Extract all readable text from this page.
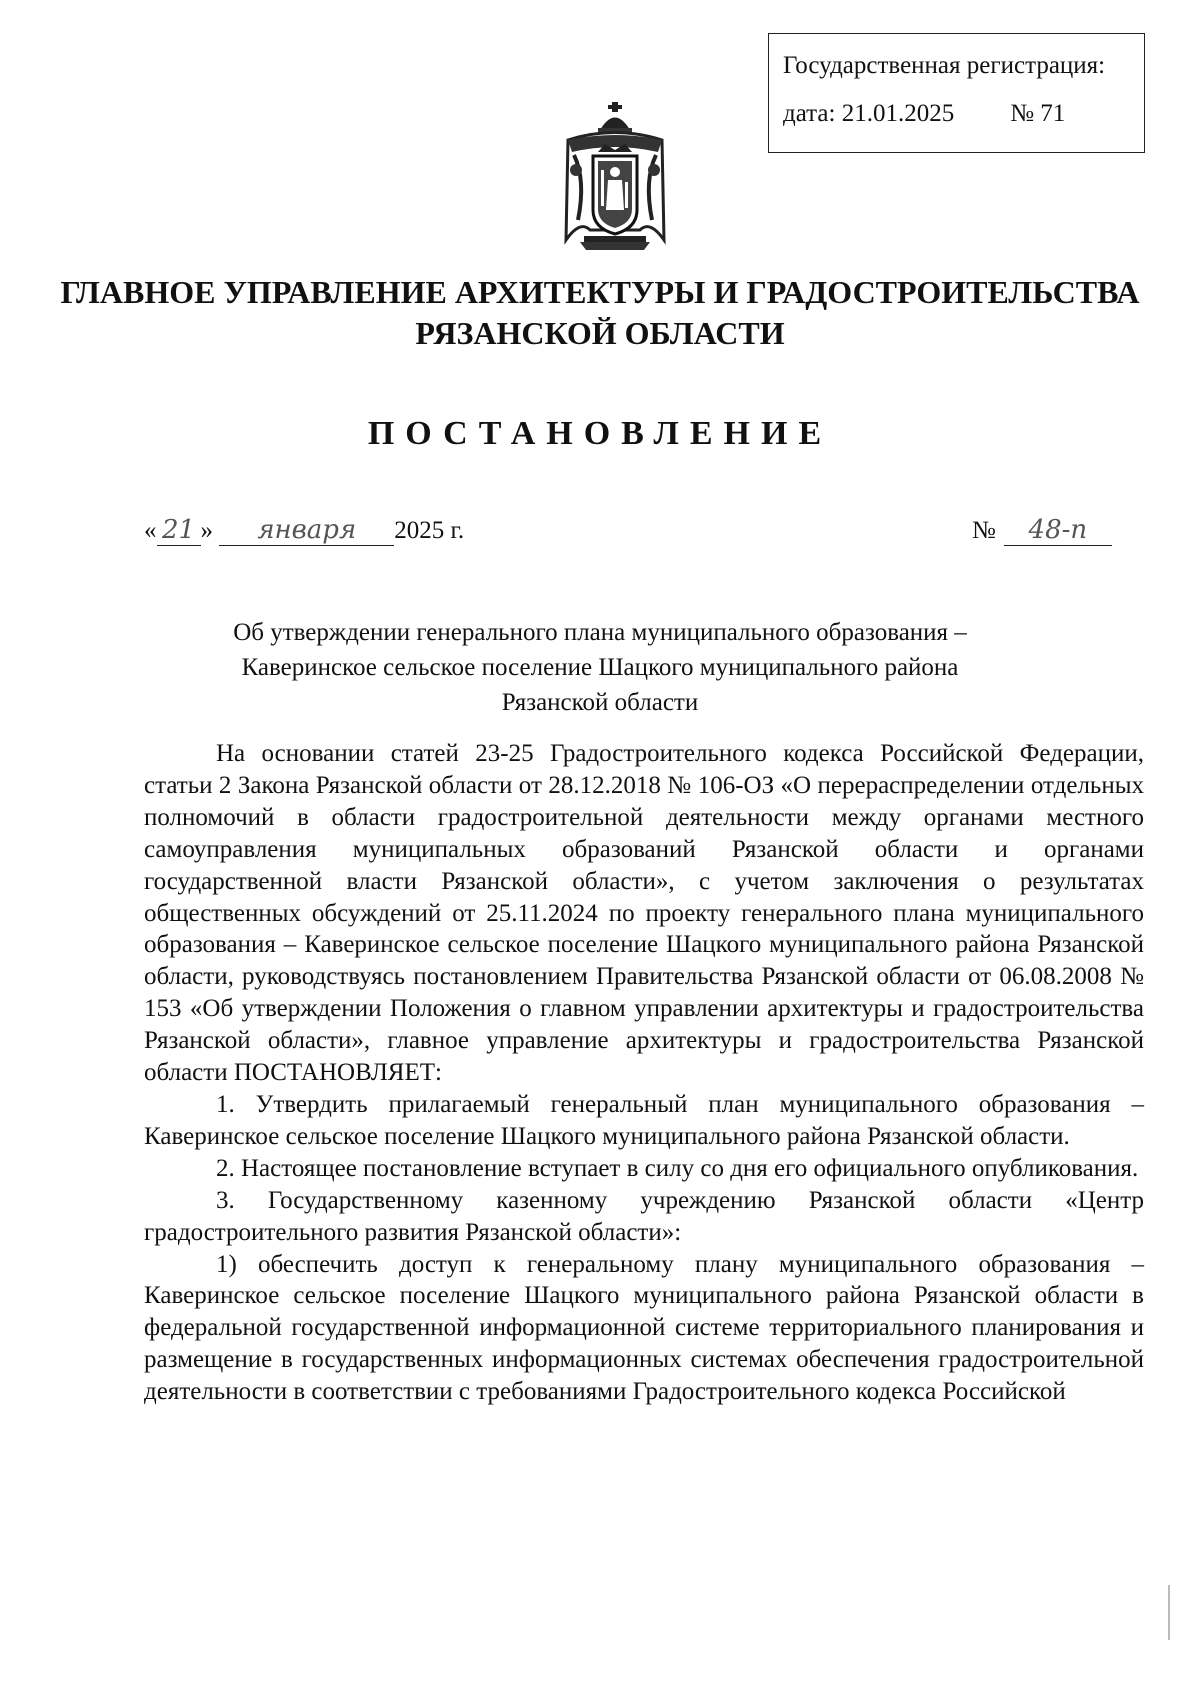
Государственная регистрация:
дата: 21.01.2025 № 71
ГЛАВНОЕ УПРАВЛЕНИЕ АРХИТЕКТУРЫ И ГРАДОСТРОИТЕЛЬСТВА
РЯЗАНСКОЙ ОБЛАСТИ
ПОСТАНОВЛЕНИЕ
« 21 » января 2025 г.	№ 48-п
Об утверждении генерального плана муниципального образования –
Каверинское сельское поселение Шацкого муниципального района
Рязанской области

На основании статей 23-25 Градостроительного кодекса Российской Федерации, статьи 2 Закона Рязанской области от 28.12.2018 № 106-ОЗ «О перераспределении отдельных полномочий в области градостроительной деятельности между органами местного самоуправления муниципальных образований Рязанской области и органами государственной власти Рязанской области», с учетом заключения о результатах общественных обсуждений от 25.11.2024 по проекту генерального плана муниципального образования – Каверинское сельское поселение Шацкого муниципального района Рязанской области, руководствуясь постановлением Правительства Рязанской области от 06.08.2008 № 153 «Об утверждении Положения о главном управлении архитектуры и градостроительства Рязанской области», главное управление архитектуры и градостроительства Рязанской области ПОСТАНОВЛЯЕТ:

1. Утвердить прилагаемый генеральный план муниципального образования – Каверинское сельское поселение Шацкого муниципального района Рязанской области.

2. Настоящее постановление вступает в силу со дня его официального опубликования.

3. Государственному казенному учреждению Рязанской области «Центр градостроительного развития Рязанской области»:

1) обеспечить доступ к генеральному плану муниципального образования – Каверинское сельское поселение Шацкого муниципального района Рязанской области в федеральной государственной информационной системе территориального планирования и размещение в государственных информационных системах обеспечения градостроительной деятельности в соответствии с требованиями Градостроительного кодекса Российской
